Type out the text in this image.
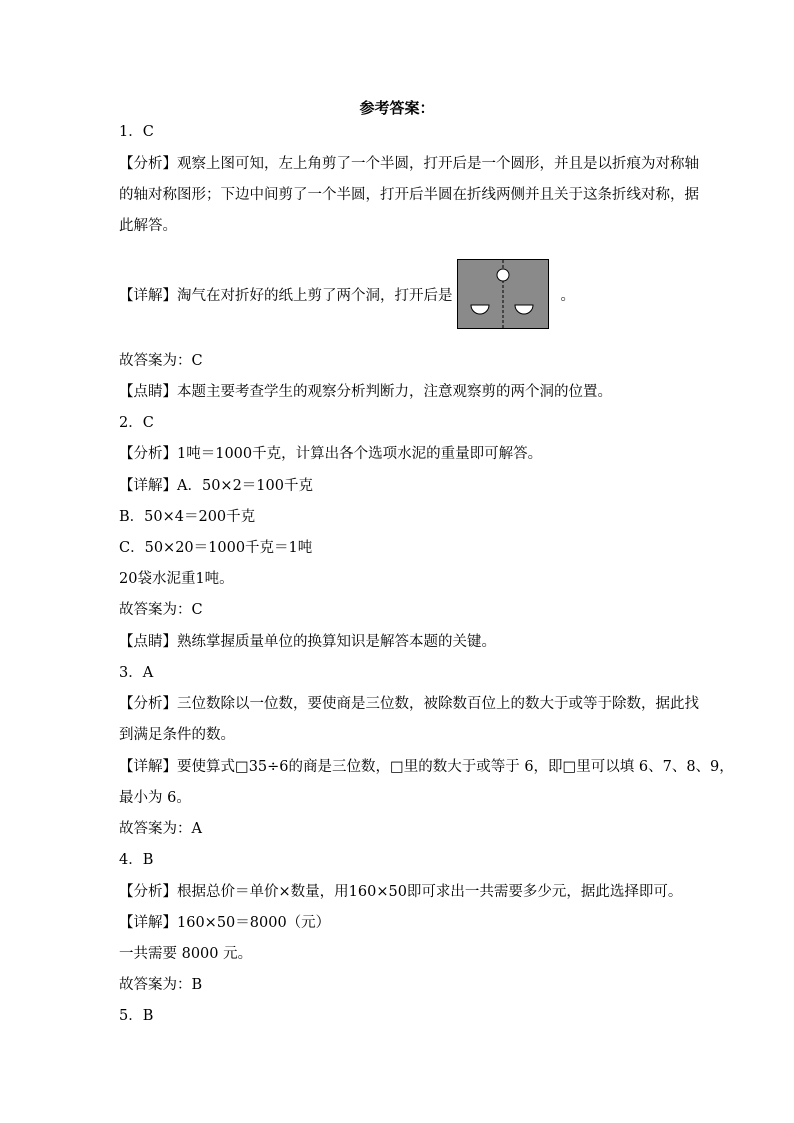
参考答案：
1．C
【分析】观察上图可知，左上角剪了一个半圆，打开后是一个圆形，并且是以折痕为对称轴
的轴对称图形；下边中间剪了一个半圆，打开后半圆在折线两侧并且关于这条折线对称，据
此解答。
【详解】淘气在对折好的纸上剪了两个洞，打开后是	。
故答案为：C
【点睛】本题主要考查学生的观察分析判断力，注意观察剪的两个洞的位置。
2．C
【分析】1吨＝1000千克，计算出各个选项水泥的重量即可解答。
【详解】A．50×2＝100千克
B．50×4＝200千克
C．50×20＝1000千克＝1吨
20袋水泥重1吨。
故答案为：C
【点睛】熟练掌握质量单位的换算知识是解答本题的关键。
3．A
【分析】三位数除以一位数，要使商是三位数，被除数百位上的数大于或等于除数，据此找
到满足条件的数。
【详解】要使算式□35÷6的商是三位数，□里的数大于或等于 6，即□里可以填 6、7、8、9，
最小为 6。
故答案为：A
4．B
【分析】根据总价＝单价×数量，用160×50即可求出一共需要多少元，据此选择即可。
【详解】160×50＝8000（元）
一共需要 8000 元。
故答案为：B
5．B
